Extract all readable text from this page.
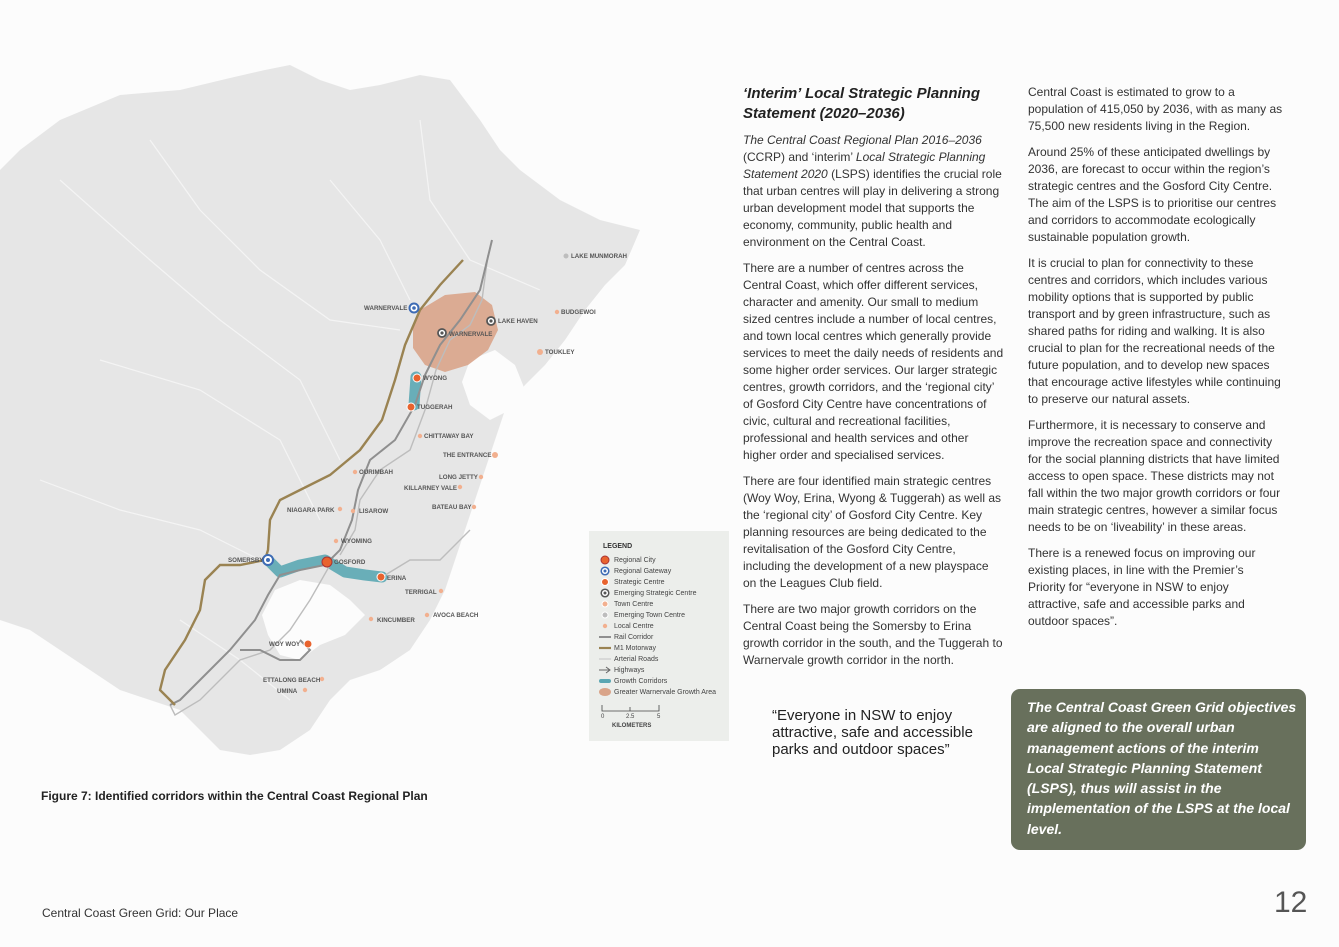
LAKE MUNMORAH
BUDGEWOI
WARNERVALE
LAKE HAVEN
WARNERVALE
TOUKLEY
WYONG
TUGGERAH
CHITTAWAY BAY
THE ENTRANCE
OURIMBAH
LONG JETTY
KILLARNEY VALE
NIAGARA PARK	LISAROW
BATEAU BAY
WYOMING
SOMERSBY	GOSFORD
ERINA
TERRIGAL
KINCUMBER
AVOCA BEACH
WOY WOY
ETTALONG BEACH
UMINA
LEGEND
Regional City
Regional Gateway
Strategic Centre
Emerging Strategic Centre
Town Centre
Emerging Town Centre
Local Centre
Rail Corridor
M1 Motorway
Arterial Roads
Highways
Growth Corridors
Greater Warnervale Growth Area
0	2.5	5
KILOMETERS
Figure 7: Identified corridors within the Central Coast Regional Plan
‘Interim’ Local Strategic Planning Statement (2020–2036)

The Central Coast Regional Plan 2016–2036 (CCRP) and ‘interim’ Local Strategic Planning Statement 2020 (LSPS) identifies the crucial role that urban centres will play in delivering a strong urban development model that supports the economy, community, public health and environment on the Central Coast.

There are a number of centres across the Central Coast, which offer different services, character and amenity. Our small to medium sized centres include a number of local centres, and town local centres which generally provide services to meet the daily needs of residents and some higher order services. Our larger strategic centres, growth corridors, and the ‘regional city’ of Gosford City Centre have concentrations of civic, cultural and recreational facilities, professional and health services and other higher order and specialised services.

There are four identified main strategic centres (Woy Woy, Erina, Wyong & Tuggerah) as well as the ‘regional city’ of Gosford City Centre. Key planning resources are being dedicated to the revitalisation of the Gosford City Centre, including the development of a new playspace on the Leagues Club field.

There are two major growth corridors on the Central Coast being the Somersby to Erina growth corridor in the south, and the Tuggerah to Warnervale growth corridor in the north.

Central Coast is estimated to grow to a population of 415,050 by 2036, with as many as 75,500 new residents living in the Region.

Around 25% of these anticipated dwellings by 2036, are forecast to occur within the region’s strategic centres and the Gosford City Centre. The aim of the LSPS is to prioritise our centres and corridors to accommodate ecologically sustainable population growth.

It is crucial to plan for connectivity to these centres and corridors, which includes various mobility options that is supported by public transport and by green infrastructure, such as shared paths for riding and walking. It is also crucial to plan for the recreational needs of the future population, and to develop new spaces that encourage active lifestyles while continuing to preserve our natural assets.

Furthermore, it is necessary to conserve and improve the recreation space and connectivity for the social planning districts that have limited access to open space. These districts may not fall within the two major growth corridors or four main strategic centres, however a similar focus needs to be on ‘liveability’ in these areas.

There is a renewed focus on improving our existing places, in line with the Premier’s Priority for “everyone in NSW to enjoy attractive, safe and accessible parks and outdoor spaces”.

“Everyone in NSW to enjoy attractive, safe and accessible parks and outdoor spaces”
The Central Coast Green Grid objectives are aligned to the overall urban management actions of the interim Local Strategic Planning Statement (LSPS), thus will assist in the implementation of the LSPS at the local level.
Central Coast Green Grid: Our Place	12
